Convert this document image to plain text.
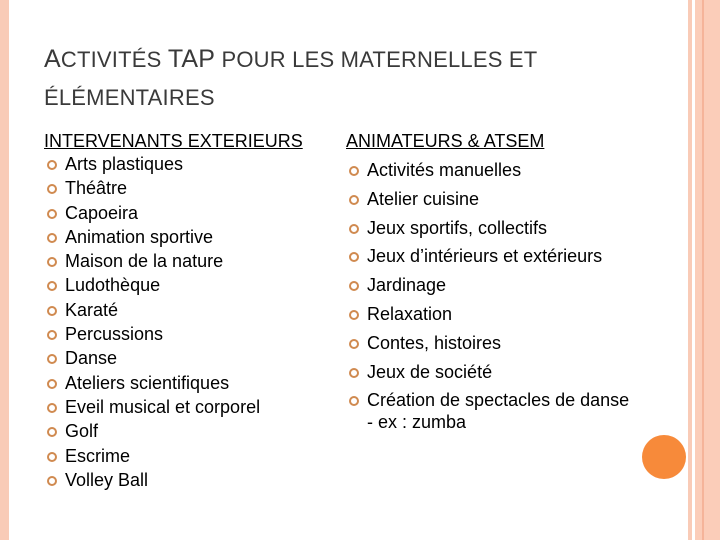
ACTIVITÉS TAP POUR LES MATERNELLES ET
ÉLÉMENTAIRES
INTERVENANTS EXTERIEURS
Arts plastiques
Théâtre
Capoeira
Animation sportive
Maison de la nature
Ludothèque
Karaté
Percussions
Danse
Ateliers scientifiques
Eveil musical et corporel
Golf
Escrime
Volley Ball
ANIMATEURS & ATSEM
Activités manuelles
Atelier cuisine
Jeux sportifs, collectifs
Jeux d’intérieurs et extérieurs
Jardinage
Relaxation
Contes, histoires
Jeux de société
Création de spectacles de danse - ex : zumba
